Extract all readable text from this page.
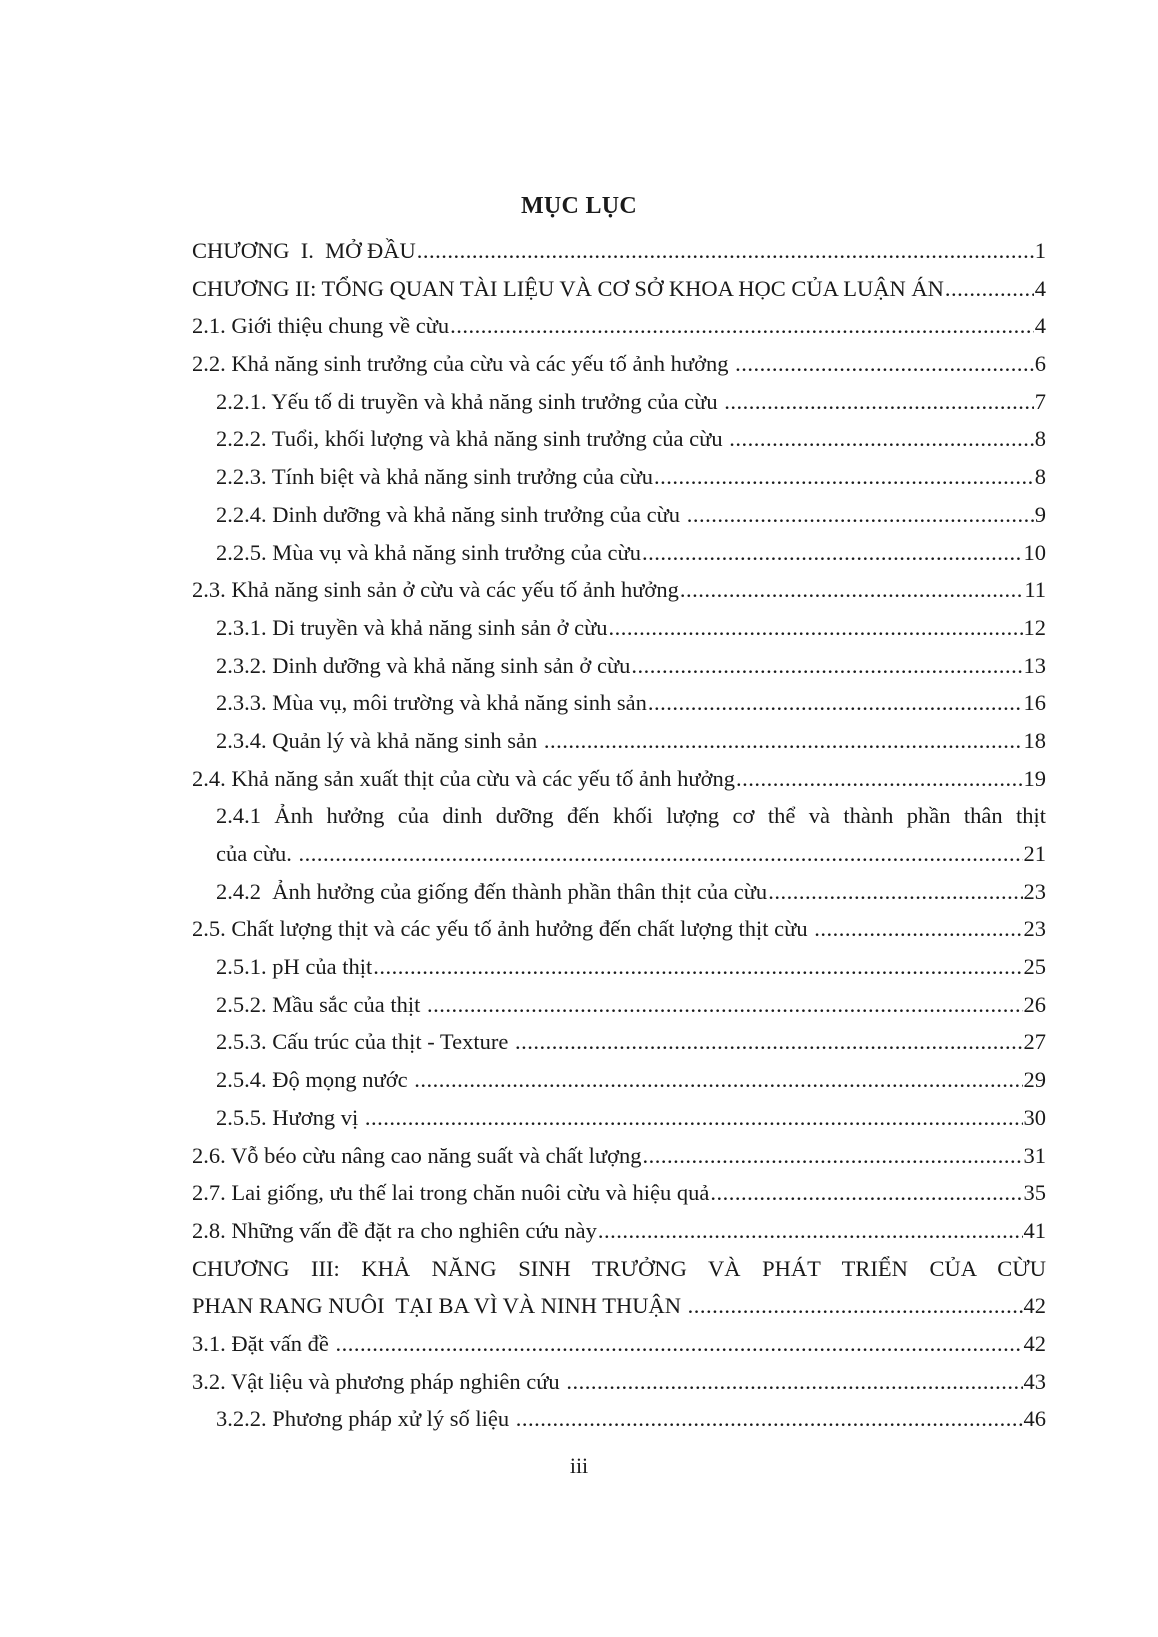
MỤC LỤC
CHƯƠNG  I.  MỞ ĐẦU .....	1
CHƯƠNG II: TỔNG QUAN TÀI LIỆU VÀ CƠ SỞ KHOA HỌC CỦA LUẬN ÁN .....	4
2.1. Giới thiệu chung về cừu .....	4
2.2. Khả năng sinh trưởng của cừu và các yếu tố ảnh hưởng .....	6
2.2.1. Yếu tố di truyền và khả năng sinh trưởng của cừu .....	7
2.2.2. Tuổi, khối lượng và khả năng sinh trưởng của cừu .....	8
2.2.3. Tính biệt và khả năng sinh trưởng của cừu .....	8
2.2.4. Dinh dưỡng và khả năng sinh trưởng của cừu .....	9
2.2.5. Mùa vụ và khả năng sinh trưởng của cừu .....	10
2.3. Khả năng sinh sản ở cừu và các yếu tố ảnh hưởng .....	11
2.3.1. Di truyền và khả năng sinh sản ở cừu .....	12
2.3.2. Dinh dưỡng và khả năng sinh sản ở cừu .....	13
2.3.3. Mùa vụ, môi trường và khả năng sinh sản .....	16
2.3.4. Quản lý và khả năng sinh sản .....	18
2.4. Khả năng sản xuất thịt của cừu và các yếu tố ảnh hưởng .....	19
2.4.1 Ảnh hưởng của dinh dưỡng đến khối lượng cơ thể và thành phần thân thịt
của cừu. .....	21
2.4.2  Ảnh hưởng của giống đến thành phần thân thịt của cừu .....	23
2.5. Chất lượng thịt và các yếu tố ảnh hưởng đến chất lượng thịt cừu .....	23
2.5.1. pH của thịt .....	25
2.5.2. Mầu sắc của thịt .....	26
2.5.3. Cấu trúc của thịt - Texture .....	27
2.5.4. Độ mọng nước .....	29
2.5.5. Hương vị .....	30
2.6. Vỗ béo cừu nâng cao năng suất và chất lượng .....	31
2.7. Lai giống, ưu thế lai trong chăn nuôi cừu và hiệu quả .....	35
2.8. Những vấn đề đặt ra cho nghiên cứu này .....	41
CHƯƠNG III: KHẢ NĂNG SINH TRƯỞNG VÀ PHÁT TRIỂN CỦA CỪU
PHAN RANG NUÔI  TẠI BA VÌ VÀ NINH THUẬN .....	42
3.1. Đặt vấn đề .....	42
3.2. Vật liệu và phương pháp nghiên cứu .....	43
3.2.2. Phương pháp xử lý số liệu .....	46
iii
